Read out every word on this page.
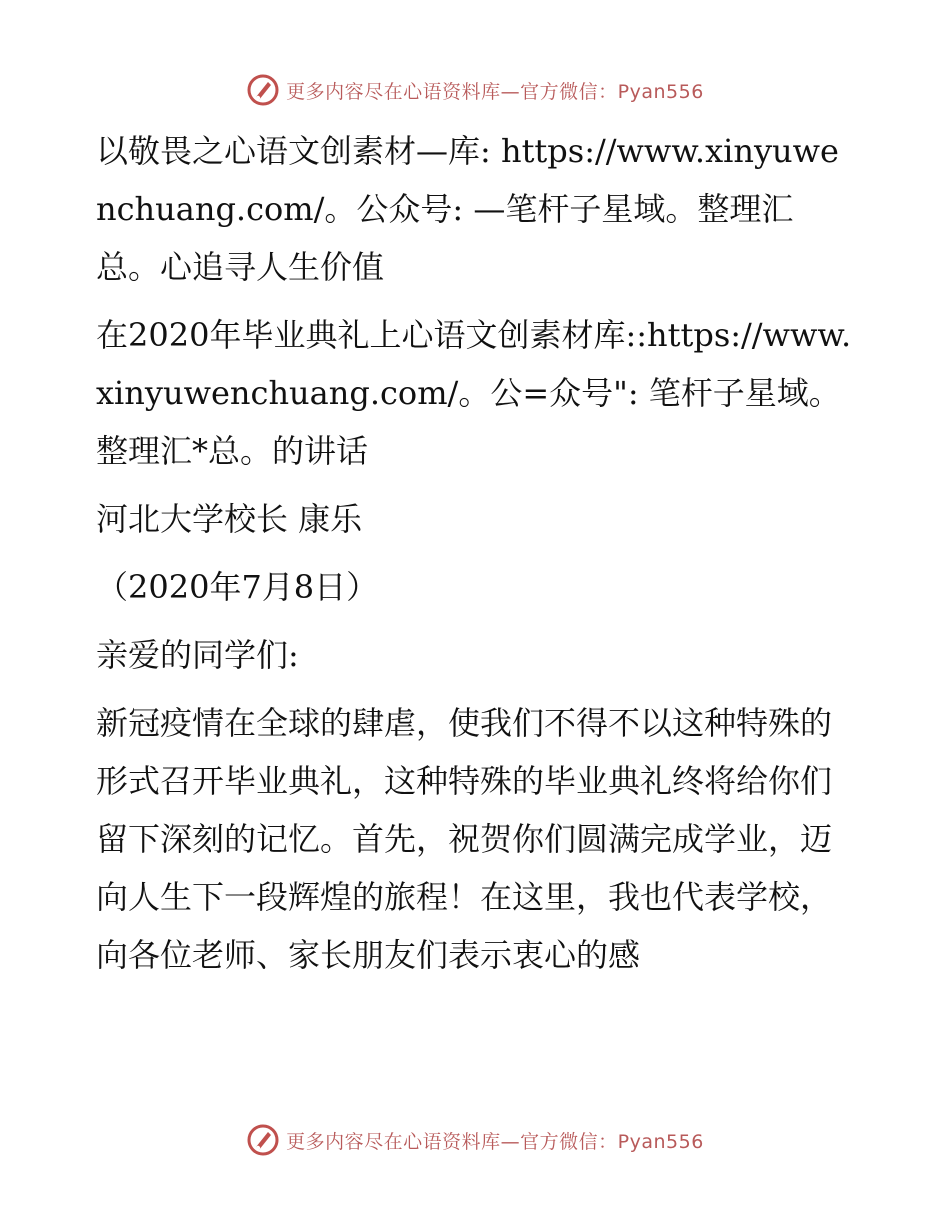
更多内容尽在心语资料库—官方微信：Pyan556

以敬畏之心语文创素材—库: https://www.xinyuwenchuang.com/。公众号: —笔杆子星域。整理汇总。心追寻人生价值

在2020年毕业典礼上心语文创素材库::https://www.xinyuwenchuang.com/。公=众号": 笔杆子星域。整理汇*总。的讲话

河北大学校长 康乐

（2020年7月8日）

亲爱的同学们:

新冠疫情在全球的肆虐，使我们不得不以这种特殊的形式召开毕业典礼，这种特殊的毕业典礼终将给你们留下深刻的记忆。首先，祝贺你们圆满完成学业，迈向人生下一段辉煌的旅程！在这里，我也代表学校，向各位老师、家长朋友们表示衷心的感

更多内容尽在心语资料库—官方微信：Pyan556
